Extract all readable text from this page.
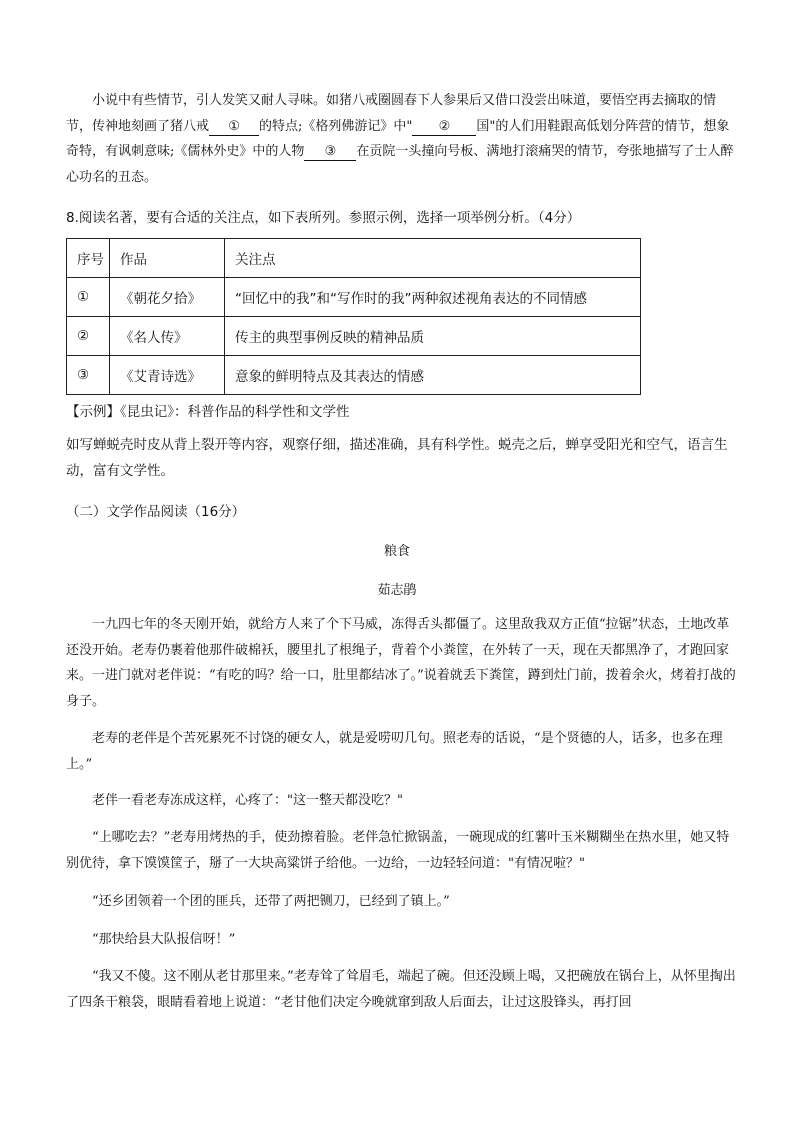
小说中有些情节，引人发笑又耐人寻味。如猪八戒圈圆春下人参果后又借口没尝出味道，要悟空再去摘取的情节，传神地刻画了猪八戒 ① 的特点;《格列佛游记》中" ② 国"的人们用鞋跟高低划分阵营的情节，想象奇特，有讽刺意味;《儒林外史》中的人物 ③ 在贡院一头撞向号板、满地打滚痛哭的情节，夸张地描写了士人醉心功名的丑态。

8.阅读名著，要有合适的关注点，如下表所列。参照示例，选择一项举例分析。（4分）

序号	作品	关注点
①	《朝花夕拾》	“回忆中的我”和“写作时的我”两种叙述视角表达的不同情感
②	《名人传》	传主的典型事例反映的精神品质
③	《艾青诗选》	意象的鲜明特点及其表达的情感

【示例】《昆虫记》：科普作品的科学性和文学性

如写蝉蜕壳时皮从背上裂开等内容，观察仔细，描述准确，具有科学性。蜕壳之后，蝉享受阳光和空气，语言生动，富有文学性。

（二）文学作品阅读（16分）

粮食

茹志鹃

一九四七年的冬天刚开始，就给方人来了个下马威，冻得舌头都僵了。这里敌我双方正值“拉锯”状态，土地改革还没开始。老寿仍裹着他那件破棉袄，腰里扎了根绳子，背着个小粪筐，在外转了一天，现在天都黑净了，才跑回家来。一进门就对老伴说：“有吃的吗？给一口，肚里都结冰了。”说着就丢下粪筐，蹲到灶门前，拨着余火，烤着打战的身子。

老寿的老伴是个苦死累死不讨饶的硬女人，就是爱唠叨几句。照老寿的话说，“是个贤德的人，话多，也多在理上。”

老伴一看老寿冻成这样，心疼了："这一整天都没吃？"

“上哪吃去？”老寿用烤热的手，使劲擦着脸。老伴急忙掀锅盖，一碗现成的红薯叶玉米糊糊坐在热水里，她又特别优待，拿下馍馍筐子，掰了一大块高粱饼子给他。一边给，一边轻轻问道："有情况啦？"

“还乡团领着一个团的匪兵，还带了两把铡刀，已经到了镇上。”

“那快给县大队报信呀！”

“我又不傻。这不刚从老甘那里来。”老寿耸了耸眉毛，端起了碗。但还没顾上喝，又把碗放在锅台上，从怀里掏出了四条干粮袋，眼睛看着地上说道：“老甘他们决定今晚就窜到敌人后面去，让过这股锋头，再打回
